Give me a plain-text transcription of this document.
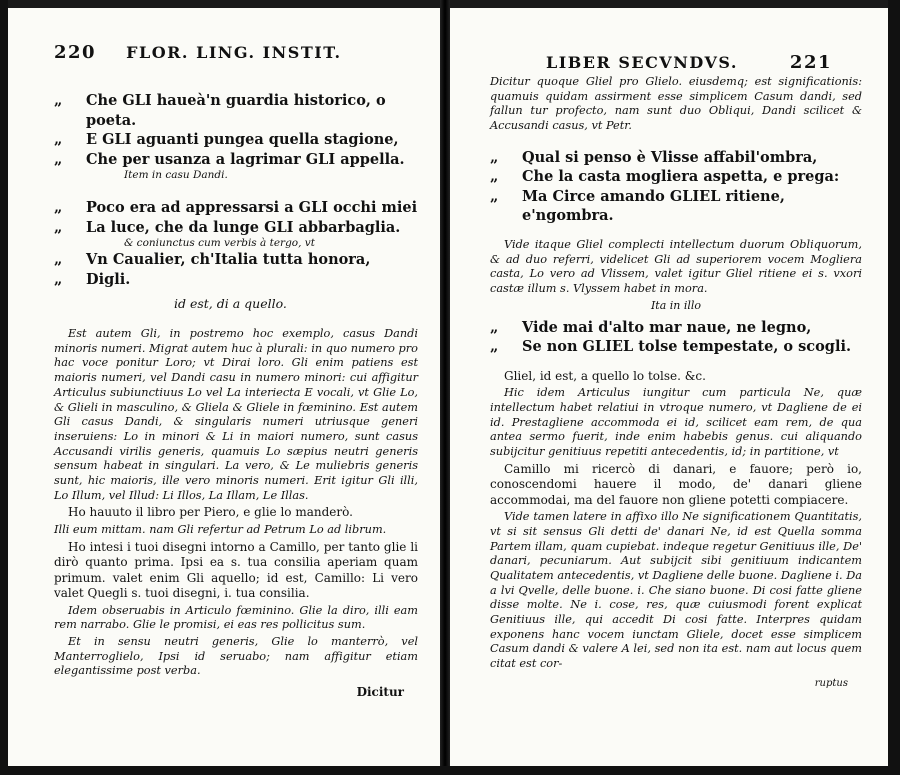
220 FLOR. LING. INSTIT.
„	Che GLI haueà'n guardia historico, o poeta.
„	E GLI aguanti pungea quella stagione,
„	Che per usanza a lagrimar GLI appella.
Item in casu Dandi.
„	Poco era ad appressarsi a GLI occhi miei
„	La luce, che da lunge GLI abbarbaglia.
& coniunctus cum verbis à tergo, vt
„	Vn Caualier, ch'Italia tutta honora,
„	Digli.
id est, di a quello.

Est autem Gli, in postremo hoc exemplo, casus Dandi minoris numeri. Migrat autem huc à plurali: in quo numero pro hac voce ponitur Loro; vt Dirai loro. Gli enim patiens est maioris numeri, vel Dandi casu in numero minori: cui affigitur Articulus subiunctiuus Lo vel La interiecta E vocali, vt Glie Lo, & Glieli in masculino, & Gliela & Gliele in fœminino. Est autem Gli casus Dandi, & singularis numeri utriusque generi inseruiens: Lo in minori & Li in maiori numero, sunt casus Accusandi virilis generis, quamuis Lo sæpius neutri generis sensum habeat in singulari. La vero, & Le muliebris generis sunt, hic maioris, ille vero minoris numeri. Erit igitur Gli illi, Lo Illum, vel Illud: Li Illos, La Illam, Le Illas.

Ho hauuto il libro per Piero, e glie lo manderò.

Illi eum mittam. nam Gli refertur ad Petrum Lo ad librum.

Ho intesi i tuoi disegni intorno a Camillo, per tanto glie li dirò quanto prima. Ipsi ea s. tua consilia aperiam quam primum. valet enim Gli aquello; id est, Camillo: Li vero valet Quegli s. tuoi disegni, i. tua consilia.

Idem obseruabis in Articulo fœminino. Glie la diro, illi eam rem narrabo. Glie le promisi, ei eas res pollicitus sum.

Et in sensu neutri generis, Glie lo manterrò, vel Manterroglielo, Ipsi id seruabo; nam affigitur etiam elegantissime post verba.

Dicitur
LIBER SECVNDVS.	221

Dicitur quoque Gliel pro Glielo. eiusdemq; est significationis: quamuis quidam assirment esse simplicem Casum dandi, sed fallun tur profecto, nam sunt duo Obliqui, Dandi scilicet & Accusandi casus, vt Petr.

„	Qual si penso è Vlisse affabil'ombra,
„	Che la casta mogliera aspetta, e prega:
„	Ma Circe amando GLIEL ritiene, e'ngombra.

Vide itaque Gliel complecti intellectum duorum Obliquorum, & ad duo referri, videlicet Gli ad superiorem vocem Mogliera casta, Lo vero ad Vlissem, valet igitur Gliel ritiene ei s. vxori castæ illum s. Vlyssem habet in mora.

Ita in illo
„	Vide mai d'alto mar naue, ne legno,
„	Se non GLIEL tolse tempestate, o scogli.

Gliel, id est, a quello lo tolse. &c.

Hic idem Articulus iungitur cum particula Ne, quæ intellectum habet relatiui in vtroque numero, vt Dagliene de ei id. Prestagliene accommoda ei id, scilicet eam rem, de qua antea sermo fuerit, inde enim habebis genus. cui aliquando subijcitur genitiuus repetiti antecedentis, id; in partitione, vt

Camillo mi ricercò di danari, e fauore; però io, conoscendomi hauere il modo, de' danari gliene accommodai, ma del fauore non gliene potetti compiacere.

Vide tamen latere in affixo illo Ne significationem Quantitatis, vt si sit sensus Gli detti de' danari Ne, id est Quella somma Partem illam, quam cupiebat. indeque regetur Genitiuus ille, De' danari, pecuniarum. Aut subijcit sibi genitiuum indicantem Qualitatem antecedentis, vt Dagliene delle buone. Dagliene i. Da a lvi Qvelle, delle buone. i. Che siano buone. Di cosi fatte gliene disse molte. Ne i. cose, res, quæ cuiusmodi forent explicat Genitiuus ille, qui accedit Di cosi fatte. Interpres quidam exponens hanc vocem iunctam Gliele, docet esse simplicem Casum dandi & valere A lei, sed non ita est. nam aut locus quem citat est cor-

ruptus
